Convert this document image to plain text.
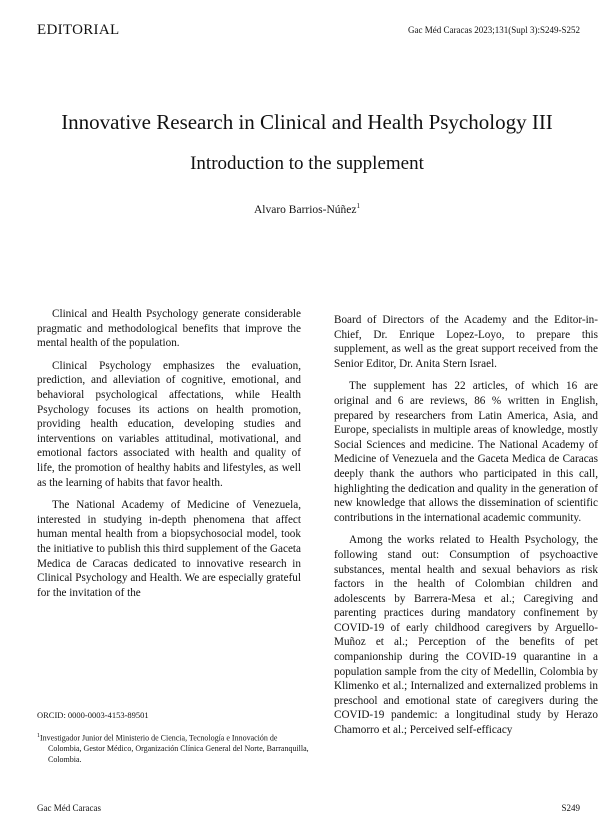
EDITORIAL	Gac Méd Caracas 2023;131(Supl 3):S249-S252
Innovative Research in Clinical and Health Psychology III
Introduction to the supplement
Alvaro Barrios-Núñez$^1$

Clinical and Health Psychology generate considerable pragmatic and methodological benefits that improve the mental health of the population.

Clinical Psychology emphasizes the evaluation, prediction, and alleviation of cognitive, emotional, and behavioral psychological affectations, while Health Psychology focuses its actions on health promotion, providing health education, developing studies and interventions on variables attitudinal, motivational, and emotional factors associated with health and quality of life, the promotion of healthy habits and lifestyles, as well as the learning of habits that favor health.

The National Academy of Medicine of Venezuela, interested in studying in-depth phenomena that affect human mental health from a biopsychosocial model, took the initiative to publish this third supplement of the Gaceta Medica de Caracas dedicated to innovative research in Clinical Psychology and Health. We are especially grateful for the invitation of the

Board of Directors of the Academy and the Editor-in-Chief, Dr. Enrique Lopez-Loyo, to prepare this supplement, as well as the great support received from the Senior Editor, Dr. Anita Stern Israel.

The supplement has 22 articles, of which 16 are original and 6 are reviews, 86 % written in English, prepared by researchers from Latin America, Asia, and Europe, specialists in multiple areas of knowledge, mostly Social Sciences and medicine. The National Academy of Medicine of Venezuela and the Gaceta Medica de Caracas deeply thank the authors who participated in this call, highlighting the dedication and quality in the generation of new knowledge that allows the dissemination of scientific contributions in the international academic community.

Among the works related to Health Psychology, the following stand out: Consumption of psychoactive substances, mental health and sexual behaviors as risk factors in the health of Colombian children and adolescents by Barrera-Mesa et al.; Caregiving and parenting practices during mandatory confinement by COVID-19 of early childhood caregivers by Arguello-Muñoz et al.; Perception of the benefits of pet companionship during the COVID-19 quarantine in a population sample from the city of Medellin, Colombia by Klimenko et al.; Internalized and externalized problems in preschool and emotional state of caregivers during the COVID-19 pandemic: a longitudinal study by Herazo Chamorro et al.; Perceived self-efficacy

ORCID: 0000-0003-4153-89501
$^1$Investigador Junior del Ministerio de Ciencia, Tecnología e Innovación de Colombia, Gestor Médico, Organización Clínica General del Norte, Barranquilla, Colombia.
Gac Méd Caracas	S249
